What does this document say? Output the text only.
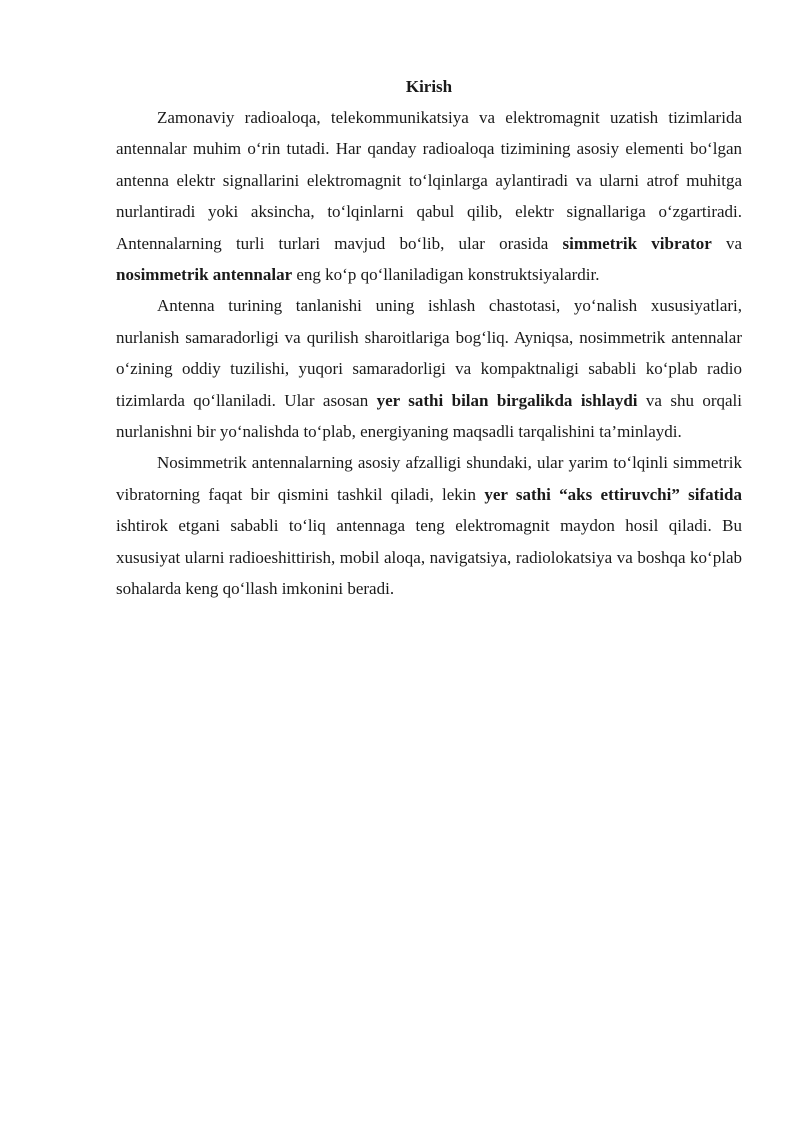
Kirish

Zamonaviy radioaloqa, telekommunikatsiya va elektromagnit uzatish tizimlarida antennalar muhim o‘rin tutadi. Har qanday radioaloqa tizimining asosiy elementi bo‘lgan antenna elektr signallarini elektromagnit to‘lqinlarga aylantiradi va ularni atrof muhitga nurlantiradi yoki aksincha, to‘lqinlarni qabul qilib, elektr signallariga o‘zgartiradi. Antennalarning turli turlari mavjud bo‘lib, ular orasida simmetrik vibrator va nosimmetrik antennalar eng ko‘p qo‘llaniladigan konstruktsiyalardir.

Antenna turining tanlanishi uning ishlash chastotasi, yo‘nalish xususiyatlari, nurlanish samaradorligi va qurilish sharoitlariga bog‘liq. Ayniqsa, nosimmetrik antennalar o‘zining oddiy tuzilishi, yuqori samaradorligi va kompaktnaligi sababli ko‘plab radio tizimlarda qo‘llaniladi. Ular asosan yer sathi bilan birgalikda ishlaydi va shu orqali nurlanishni bir yo‘nalishda to‘plab, energiyaning maqsadli tarqalishini ta’minlaydi.

Nosimmetrik antennalarning asosiy afzalligi shundaki, ular yarim to‘lqinli simmetrik vibratorning faqat bir qismini tashkil qiladi, lekin yer sathi “aks ettiruvchi” sifatida ishtirok etgani sababli to‘liq antennaga teng elektromagnit maydon hosil qiladi. Bu xususiyat ularni radioeshittirish, mobil aloqa, navigatsiya, radiolokatsiya va boshqa ko‘plab sohalarda keng qo‘llash imkonini beradi.
